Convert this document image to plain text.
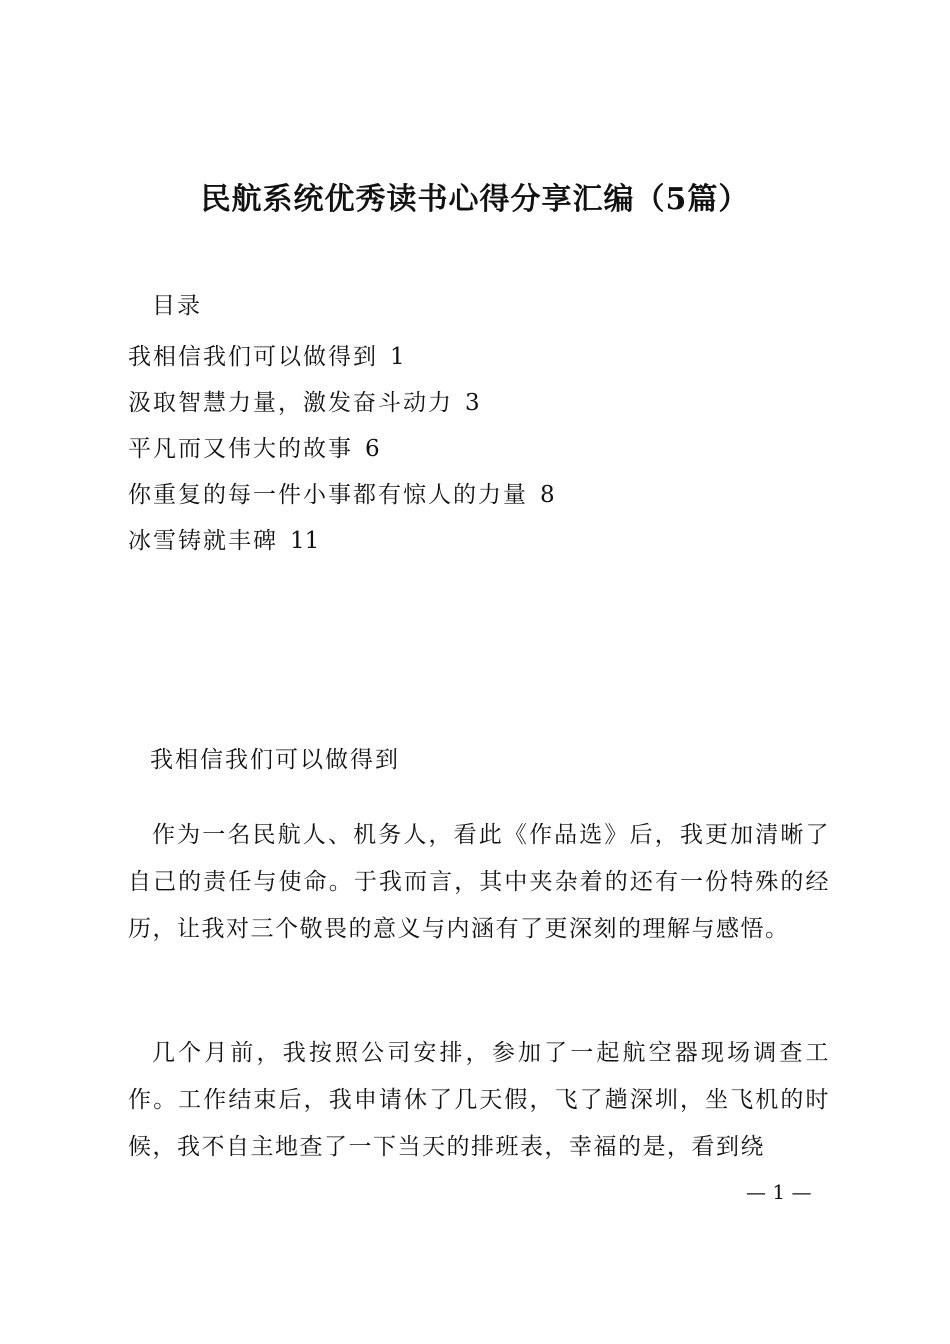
民航系统优秀读书心得分享汇编（5篇）
目录
我相信我们可以做得到 1
汲取智慧力量，激发奋斗动力 3
平凡而又伟大的故事 6
你重复的每一件小事都有惊人的力量 8
冰雪铸就丰碑 11
我相信我们可以做得到

作为一名民航人、机务人，看此《作品选》后，我更加清晰了自己的责任与使命。于我而言，其中夹杂着的还有一份特殊的经历，让我对三个敬畏的意义与内涵有了更深刻的理解与感悟。

几个月前，我按照公司安排，参加了一起航空器现场调查工作。工作结束后，我申请休了几天假，飞了趟深圳，坐飞机的时候，我不自主地查了一下当天的排班表，幸福的是，看到绕

— 1 —
